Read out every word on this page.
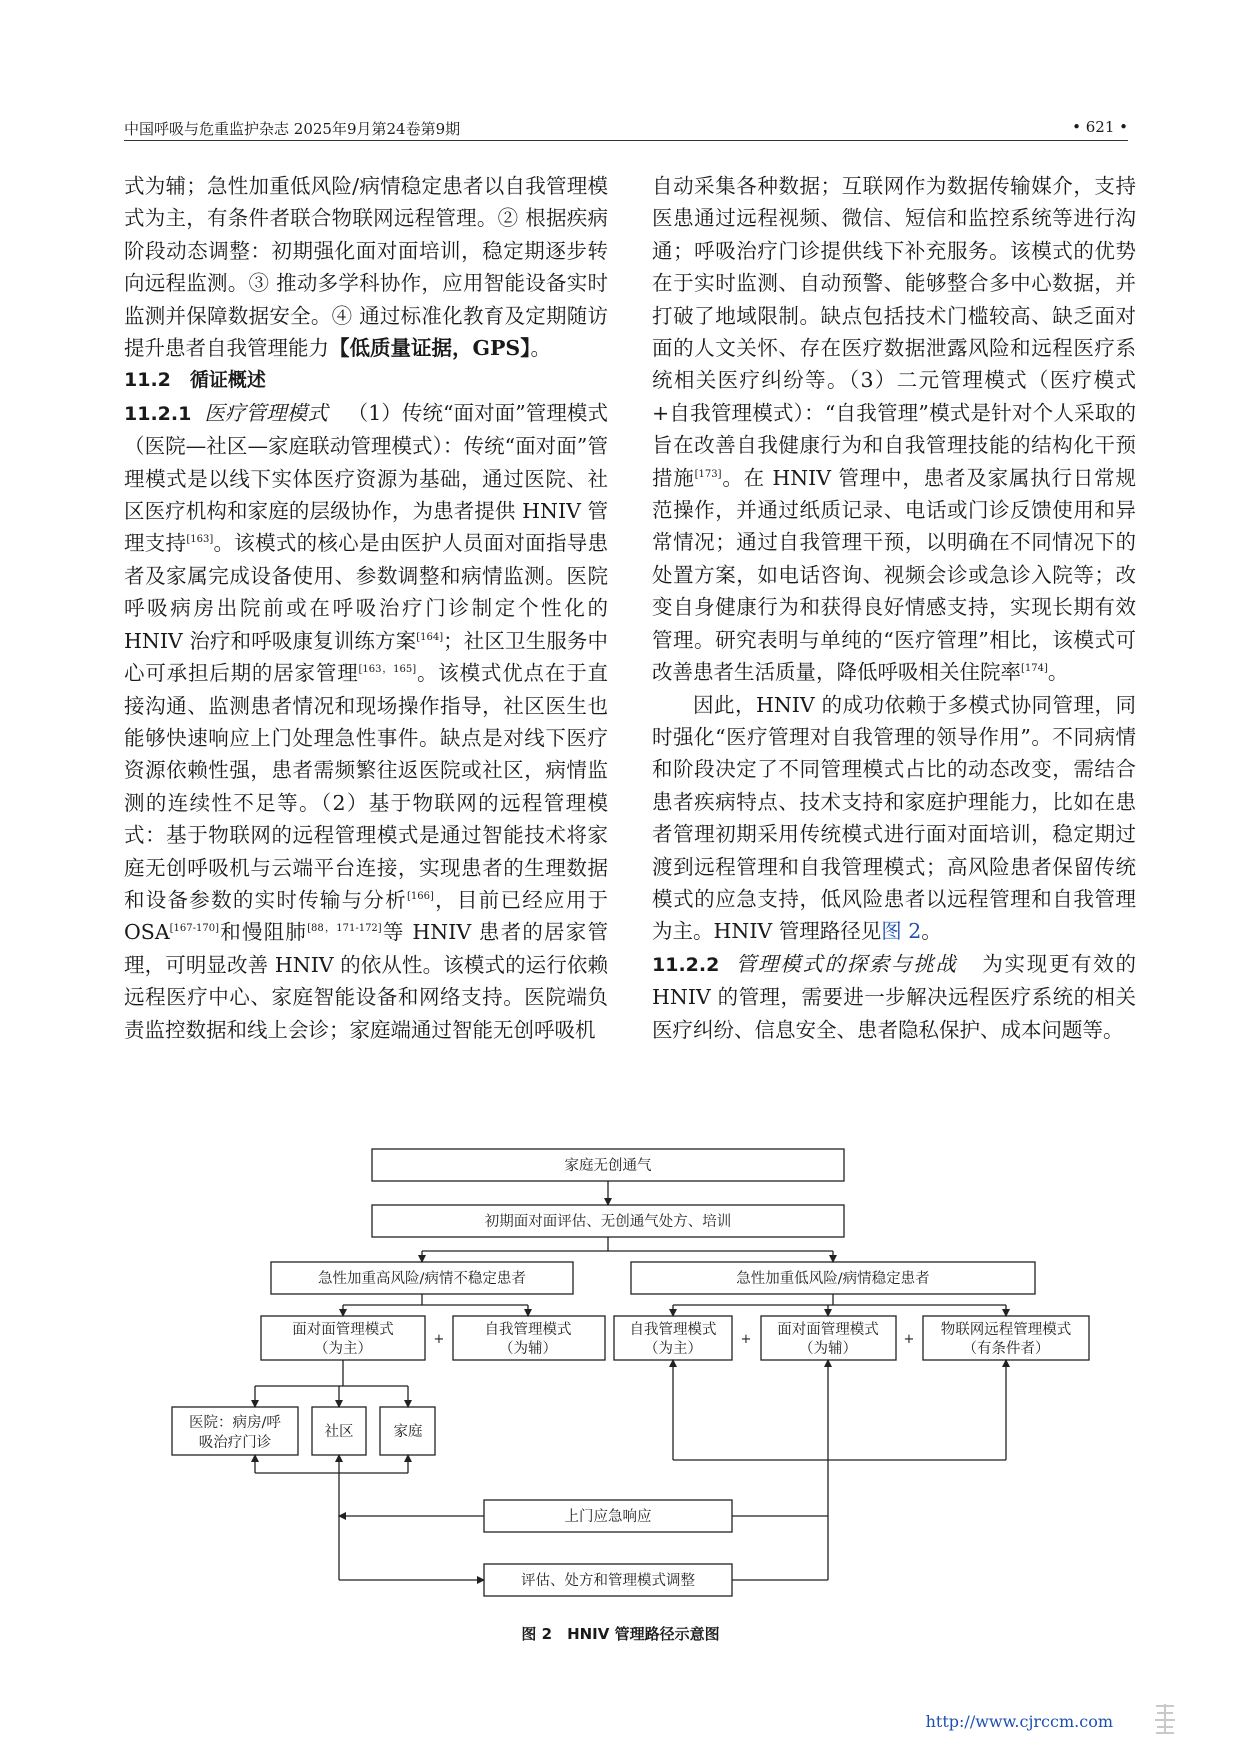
中国呼吸与危重监护杂志 2025年9月第24卷第9期	• 621 •

式为辅；急性加重低风险/病情稳定患者以自我管理模式为主，有条件者联合物联网远程管理。② 根据疾病阶段动态调整：初期强化面对面培训，稳定期逐步转向远程监测。③ 推动多学科协作，应用智能设备实时监测并保障数据安全。④ 通过标准化教育及定期随访提升患者自我管理能力【低质量证据，GPS】。

11.2　循证概述

11.2.1 医疗管理模式 （1）传统“面对面”管理模式（医院—社区—家庭联动管理模式）：传统“面对面”管理模式是以线下实体医疗资源为基础，通过医院、社区医疗机构和家庭的层级协作，为患者提供 HNIV 管理支持[163]。该模式的核心是由医护人员面对面指导患者及家属完成设备使用、参数调整和病情监测。医院呼吸病房出院前或在呼吸治疗门诊制定个性化的 HNIV 治疗和呼吸康复训练方案[164]；社区卫生服务中心可承担后期的居家管理[163，165]。该模式优点在于直接沟通、监测患者情况和现场操作指导，社区医生也能够快速响应上门处理急性事件。缺点是对线下医疗资源依赖性强，患者需频繁往返医院或社区，病情监测的连续性不足等。（2）基于物联网的远程管理模式：基于物联网的远程管理模式是通过智能技术将家庭无创呼吸机与云端平台连接，实现患者的生理数据和设备参数的实时传输与分析[166]，目前已经应用于 OSA[167-170]和慢阻肺[88，171-172]等 HNIV 患者的居家管理，可明显改善 HNIV 的依从性。该模式的运行依赖远程医疗中心、家庭智能设备和网络支持。医院端负责监控数据和线上会诊；家庭端通过智能无创呼吸机

自动采集各种数据；互联网作为数据传输媒介，支持医患通过远程视频、微信、短信和监控系统等进行沟通；呼吸治疗门诊提供线下补充服务。该模式的优势在于实时监测、自动预警、能够整合多中心数据，并打破了地域限制。缺点包括技术门槛较高、缺乏面对面的人文关怀、存在医疗数据泄露风险和远程医疗系统相关医疗纠纷等。（3）二元管理模式（医疗模式+自我管理模式）：“自我管理”模式是针对个人采取的旨在改善自我健康行为和自我管理技能的结构化干预措施[173]。在 HNIV 管理中，患者及家属执行日常规范操作，并通过纸质记录、电话或门诊反馈使用和异常情况；通过自我管理干预，以明确在不同情况下的处置方案，如电话咨询、视频会诊或急诊入院等；改变自身健康行为和获得良好情感支持，实现长期有效管理。研究表明与单纯的“医疗管理”相比，该模式可改善患者生活质量，降低呼吸相关住院率[174]。

因此，HNIV 的成功依赖于多模式协同管理，同时强化“医疗管理对自我管理的领导作用”。不同病情和阶段决定了不同管理模式占比的动态改变，需结合患者疾病特点、技术支持和家庭护理能力，比如在患者管理初期采用传统模式进行面对面培训，稳定期过渡到远程管理和自我管理模式；高风险患者保留传统模式的应急支持，低风险患者以远程管理和自我管理为主。HNIV 管理路径见图 2。

11.2.2 管理模式的探索与挑战 为实现更有效的 HNIV 的管理，需要进一步解决远程医疗系统的相关医疗纠纷、信息安全、患者隐私保护、成本问题等。

家庭无创通气
初期面对面评估、无创通气处方、培训
急性加重高风险/病情不稳定患者	急性加重低风险/病情稳定患者
面对面管理模式
（为主）
+
自我管理模式
（为辅）
自我管理模式
（为主）
+
面对面管理模式
（为辅）
+
物联网远程管理模式
（有条件者）
医院：病房/呼
吸治疗门诊
社区	家庭
上门应急响应
评估、处方和管理模式调整
图 2　HNIV 管理路径示意图
http://www.cjrccm.com
